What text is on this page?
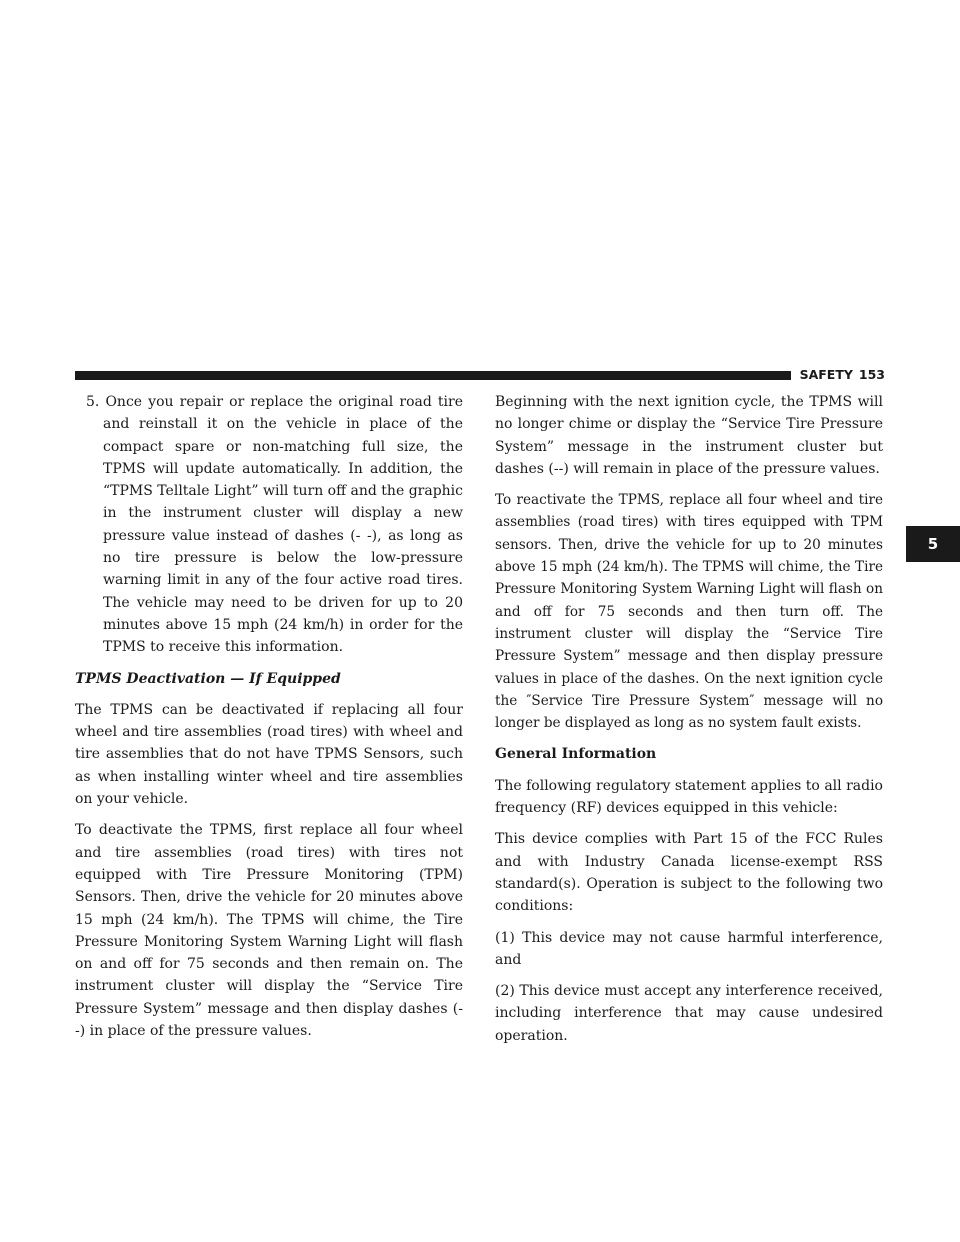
SAFETY 153
5

5. Once you repair or replace the original road tire and reinstall it on the vehicle in place of the compact spare or non-matching full size, the TPMS will update automatically. In addition, the “TPMS Telltale Light” will turn off and the graphic in the instrument cluster will display a new pressure value instead of dashes (- -), as long as no tire pressure is below the low-pressure warning limit in any of the four active road tires. The vehicle may need to be driven for up to 20 minutes above 15 mph (24 km/h) in order for the TPMS to receive this information.

TPMS Deactivation — If Equipped

The TPMS can be deactivated if replacing all four wheel and tire assemblies (road tires) with wheel and tire assemblies that do not have TPMS Sensors, such as when installing winter wheel and tire assemblies on your vehicle.

To deactivate the TPMS, first replace all four wheel and tire assemblies (road tires) with tires not equipped with Tire Pressure Monitoring (TPM) Sensors. Then, drive the vehicle for 20 minutes above 15 mph (24 km/h). The TPMS will chime, the Tire Pressure Monitoring System Warning Light will flash on and off for 75 seconds and then remain on. The instrument cluster will display the “Service Tire Pressure System” message and then display dashes (--) in place of the pressure values.

Beginning with the next ignition cycle, the TPMS will no longer chime or display the “Service Tire Pressure System” message in the instrument cluster but dashes (--) will remain in place of the pressure values.

To reactivate the TPMS, replace all four wheel and tire assemblies (road tires) with tires equipped with TPM sensors. Then, drive the vehicle for up to 20 minutes above 15 mph (24 km/h). The TPMS will chime, the Tire Pressure Monitoring System Warning Light will flash on and off for 75 seconds and then turn off. The instrument cluster will display the “Service Tire Pressure System” message and then display pressure values in place of the dashes. On the next ignition cycle the ″Service Tire Pressure System″ message will no longer be displayed as long as no system fault exists.

General Information

The following regulatory statement applies to all radio frequency (RF) devices equipped in this vehicle:

This device complies with Part 15 of the FCC Rules and with Industry Canada license-exempt RSS standard(s). Operation is subject to the following two conditions:

(1) This device may not cause harmful interference, and

(2) This device must accept any interference received, including interference that may cause undesired operation.
